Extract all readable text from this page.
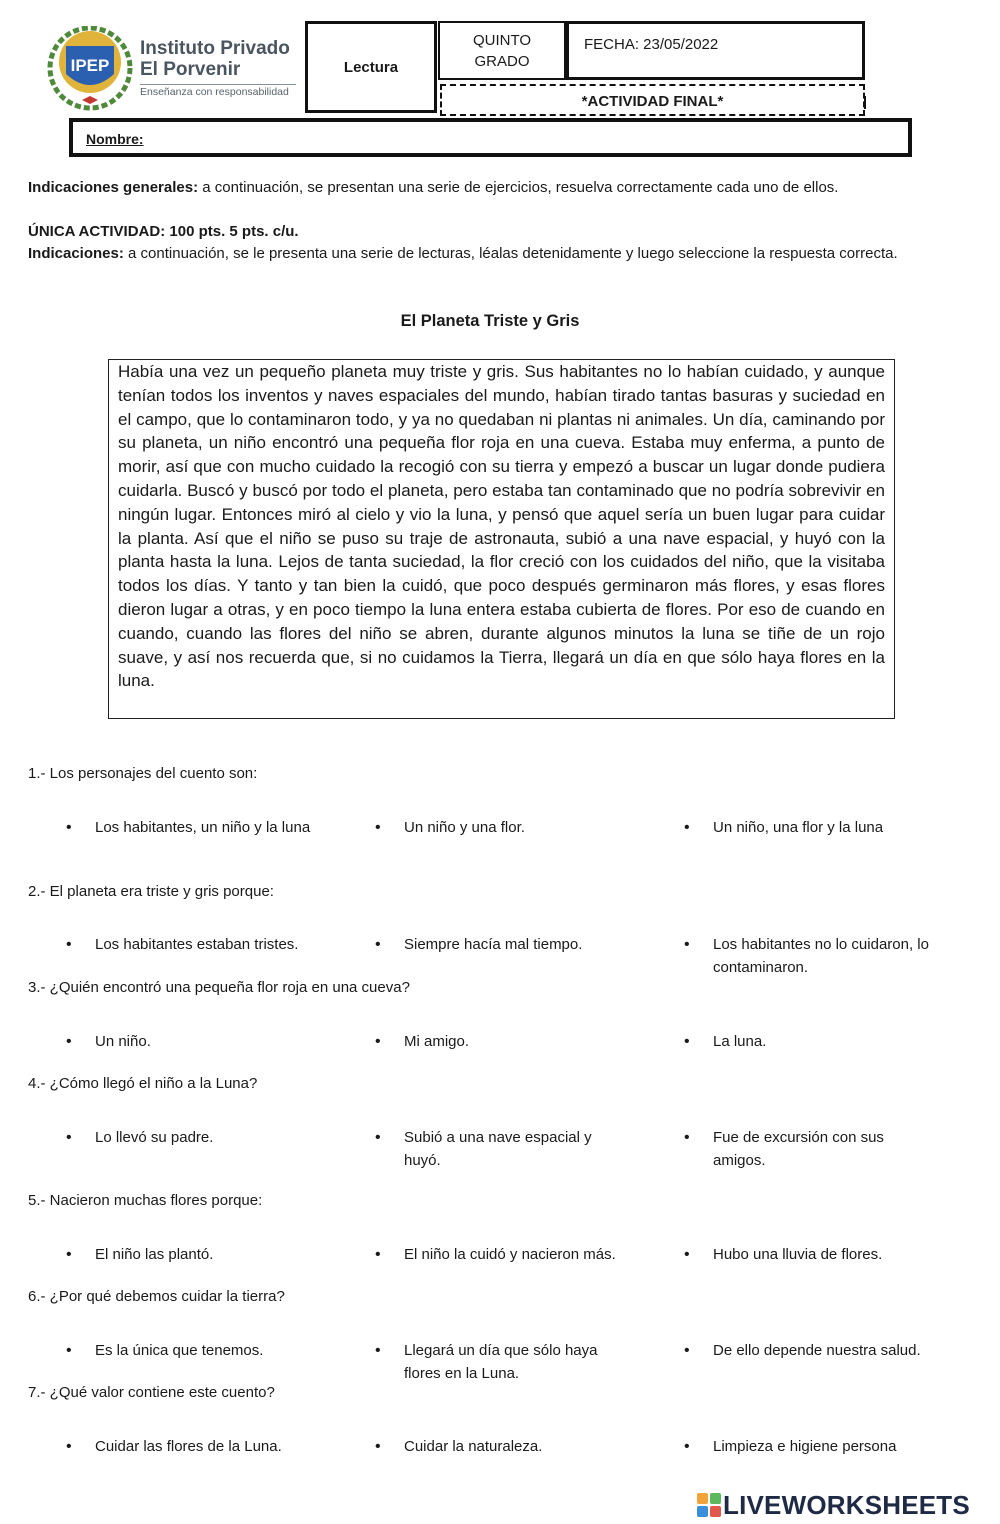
IPEP
Instituto Privado
El Porvenir
Enseñanza con responsabilidad
Lectura
QUINTO
GRADO
FECHA: 23/05/2022
*ACTIVIDAD FINAL*
Nombre:
Indicaciones generales: a continuación, se presentan una serie de ejercicios, resuelva correctamente cada uno de ellos.
ÚNICA ACTIVIDAD: 100 pts. 5 pts. c/u.
Indicaciones: a continuación, se le presenta una serie de lecturas, léalas detenidamente y luego seleccione la respuesta correcta.
El Planeta Triste y Gris

Había una vez un pequeño planeta muy triste y gris. Sus habitantes no lo habían cuidado, y aunque tenían todos los inventos y naves espaciales del mundo, habían tirado tantas basuras y suciedad en el campo, que lo contaminaron todo, y ya no quedaban ni plantas ni animales. Un día, caminando por su planeta, un niño encontró una pequeña flor roja en una cueva. Estaba muy enferma, a punto de morir, así que con mucho cuidado la recogió con su tierra y empezó a buscar un lugar donde pudiera cuidarla. Buscó y buscó por todo el planeta, pero estaba tan contaminado que no podría sobrevivir en ningún lugar. Entonces miró al cielo y vio la luna, y pensó que aquel sería un buen lugar para cuidar la planta. Así que el niño se puso su traje de astronauta, subió a una nave espacial, y huyó con la planta hasta la luna. Lejos de tanta suciedad, la flor creció con los cuidados del niño, que la visitaba todos los días. Y tanto y tan bien la cuidó, que poco después germinaron más flores, y esas flores dieron lugar a otras, y en poco tiempo la luna entera estaba cubierta de flores. Por eso de cuando en cuando, cuando las flores del niño se abren, durante algunos minutos la luna se tiñe de un rojo suave, y así nos recuerda que, si no cuidamos la Tierra, llegará un día en que sólo haya flores en la luna.

1.- Los personajes del cuento son:
• Los habitantes, un niño y la luna	• Un niño y una flor.	• Un niño, una flor y la luna
2.- El planeta era triste y gris porque:
• Los habitantes estaban tristes.	• Siempre hacía mal tiempo.	• Los habitantes no lo cuidaron, lo contaminaron.
3.- ¿Quién encontró una pequeña flor roja en una cueva?
• Un niño.	• Mi amigo.	• La luna.
4.- ¿Cómo llegó el niño a la Luna?
• Lo llevó su padre.	• Subió a una nave espacial y huyó.
• Fue de excursión con sus amigos.
5.- Nacieron muchas flores porque:
• El niño las plantó.	• El niño la cuidó y nacieron más.	• Hubo una lluvia de flores.
6.- ¿Por qué debemos cuidar la tierra?
• Es la única que tenemos.	• Llegará un día que sólo haya flores en la Luna.
• De ello depende nuestra salud.
7.- ¿Qué valor contiene este cuento?
• Cuidar las flores de la Luna.	• Cuidar la naturaleza.	• Limpieza e higiene persona
LIVEWORKSHEETS
